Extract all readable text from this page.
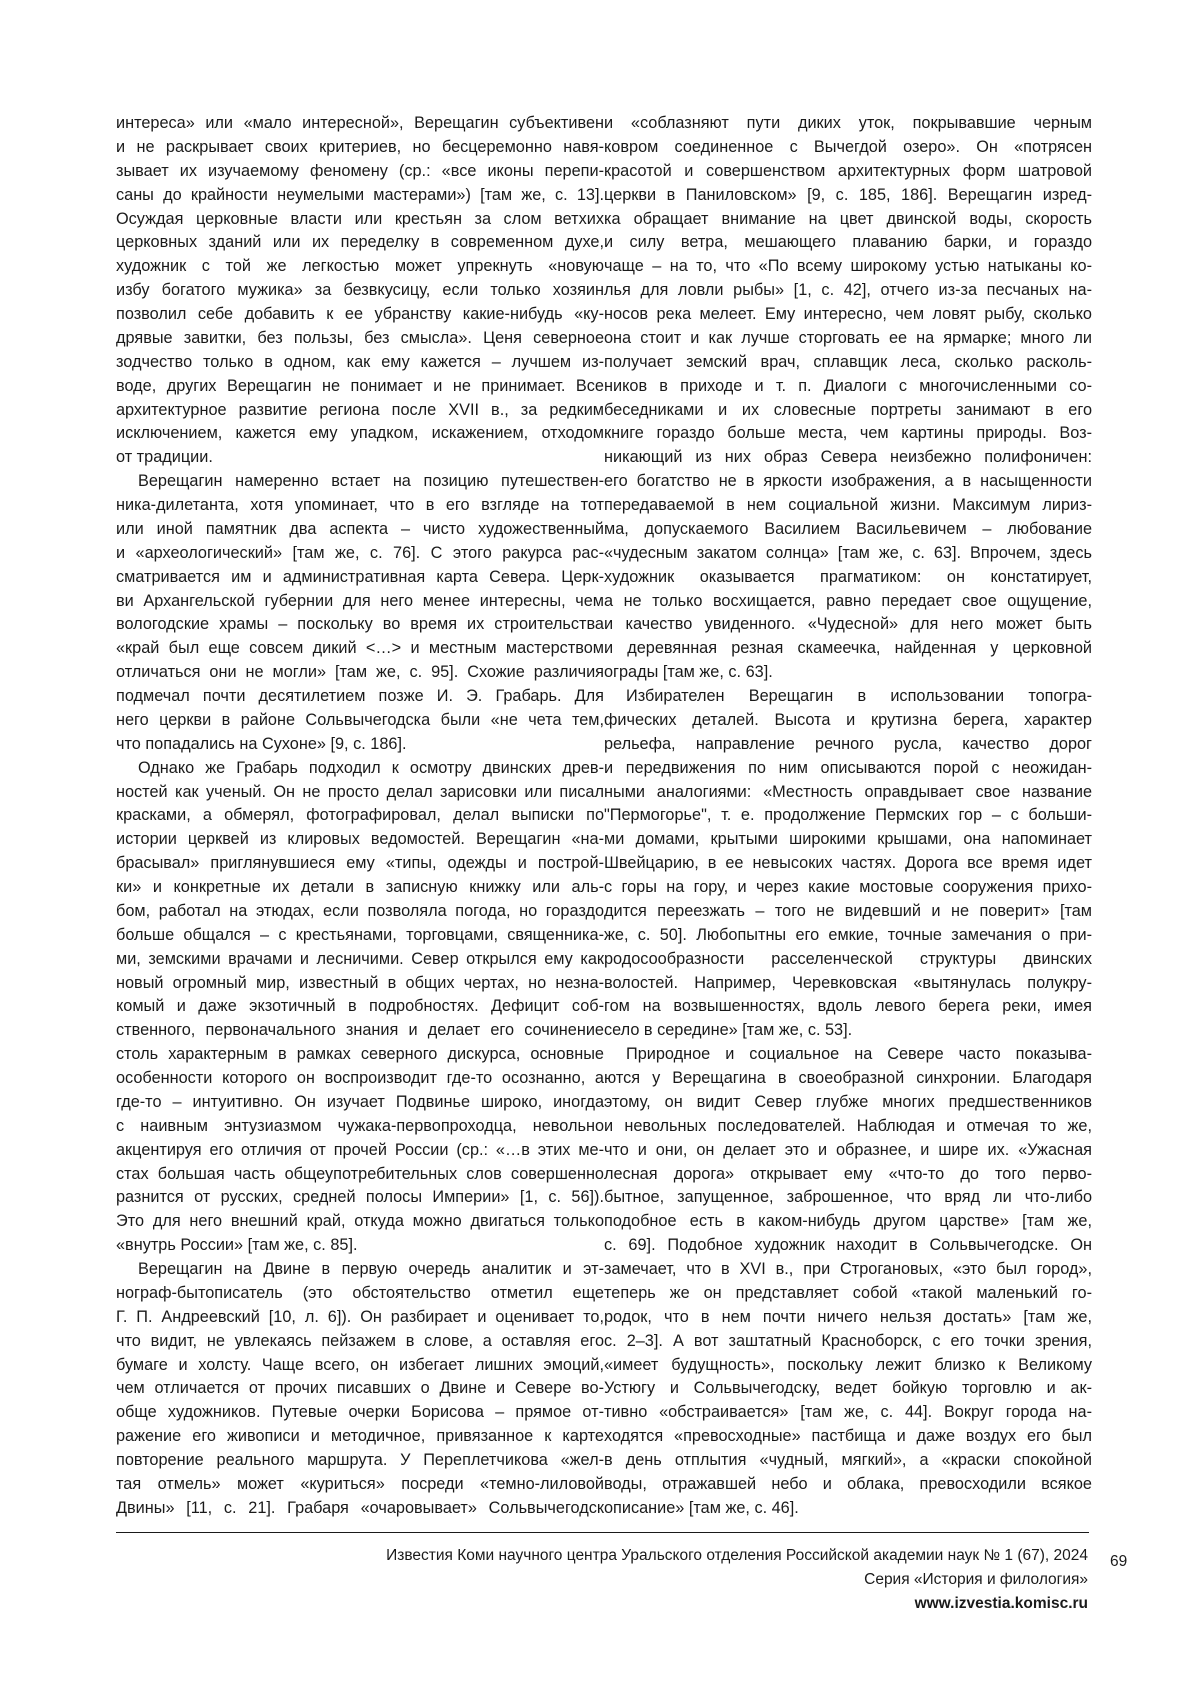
интереса» или «мало интересной», Верещагин субъективен
и не раскрывает своих критериев, но бесцеремонно навя-
зывает их изучаемому феномену (ср.: «все иконы перепи-
саны до крайности неумелыми мастерами») [там же, с. 13].
Осуждая церковные власти или крестьян за слом ветхих
церковных зданий или их переделку в современном духе,
художник с той же легкостью может упрекнуть «новую
избу богатого мужика» за безвкусицу, если только хозяин
позволил себе добавить к ее убранству какие-нибудь «ку-
дрявые завитки, без пользы, без смысла». Ценя северное
зодчество только в одном, как ему кажется – лучшем из-
воде, других Верещагин не понимает и не принимает. Все
архитектурное развитие региона после XVII в., за редким
исключением, кажется ему упадком, искажением, отходом
от традиции.
Верещагин намеренно встает на позицию путешествен-
ника-дилетанта, хотя упоминает, что в его взгляде на тот
или иной памятник два аспекта – чисто художественный
и «археологический» [там же, с. 76]. С этого ракурса рас-
сматривается им и административная карта Севера. Церк-
ви Архангельской губернии для него менее интересны, чем
вологодские храмы – поскольку во время их строительства
«край был еще совсем дикий <…> и местным мастерством
отличаться они не могли» [там же, с. 95]. Схожие различия
подмечал почти десятилетием позже И. Э. Грабарь. Для
него церкви в районе Сольвычегодска были «не чета тем,
что попадались на Сухоне» [9, с. 186].
Однако же Грабарь подходил к осмотру двинских древ-
ностей как ученый. Он не просто делал зарисовки или писал
красками, а обмерял, фотографировал, делал выписки по
истории церквей из клировых ведомостей. Верещагин «на-
брасывал» приглянувшиеся ему «типы, одежды и построй-
ки» и конкретные их детали в записную книжку или аль-
бом, работал на этюдах, если позволяла погода, но гораздо
больше общался – с крестьянами, торговцами, священника-
ми, земскими врачами и лесничими. Север открылся ему как
новый огромный мир, известный в общих чертах, но незна-
комый и даже экзотичный в подробностях. Дефицит соб-
ственного, первоначального знания и делает его сочинение
столь характерным в рамках северного дискурса, основные
особенности которого он воспроизводит где-то осознанно, а
где-то – интуитивно. Он изучает Подвинье широко, иногда
с наивным энтузиазмом чужака-первопроходца, невольно
акцентируя его отличия от прочей России (ср.: «…в этих ме-
стах большая часть общеупотребительных слов совершенно
разнится от русских, средней полосы Империи» [1, с. 56]).
Это для него внешний край, откуда можно двигаться только
«внутрь России» [там же, с. 85].
Верещагин на Двине в первую очередь аналитик и эт-
нограф-бытописатель (это обстоятельство отметил еще
Г. П. Андреевский [10, л. 6]). Он разбирает и оценивает то,
что видит, не увлекаясь пейзажем в слове, а оставляя его
бумаге и холсту. Чаще всего, он избегает лишних эмоций,
чем отличается от прочих писавших о Двине и Севере во-
обще художников. Путевые очерки Борисова – прямое от-
ражение его живописи и методичное, привязанное к карте
повторение реального маршрута. У Переплетчикова «жел-
тая отмель» может «куриться» посреди «темно-лиловой
Двины» [11, с. 21]. Грабаря «очаровывает» Сольвычегодск
и «соблазняют пути диких уток, покрывавшие черным
ковром соединенное с Вычегдой озеро». Он «потрясен
красотой и совершенством архитектурных форм шатровой
церкви в Паниловском» [9, с. 185, 186]. Верещагин изред-
ка обращает внимание на цвет двинской воды, скорость
и силу ветра, мешающего плаванию барки, и гораздо
чаще – на то, что «По всему широкому устью натыканы ко-
лья для ловли рыбы» [1, с. 42], отчего из-за песчаных на-
носов река мелеет. Ему интересно, чем ловят рыбу, сколько
она стоит и как лучше сторговать ее на ярмарке; много ли
получает земский врач, сплавщик леса, сколько расколь-
ников в приходе и т. п. Диалоги с многочисленными со-
беседниками и их словесные портреты занимают в его
книге гораздо больше места, чем картины природы. Воз-
никающий из них образ Севера неизбежно полифоничен:
его богатство не в яркости изображения, а в насыщенности
передаваемой в нем социальной жизни. Максимум лириз-
ма, допускаемого Василием Васильевичем – любование
«чудесным закатом солнца» [там же, с. 63]. Впрочем, здесь
художник оказывается прагматиком: он констатирует,
а не только восхищается, равно передает свое ощущение,
и качество увиденного. «Чудесной» для него может быть
и деревянная резная скамеечка, найденная у церковной
ограды [там же, с. 63].
Избирателен Верещагин в использовании топогра-
фических деталей. Высота и крутизна берега, характер
рельефа, направление речного русла, качество дорог
и передвижения по ним описываются порой с неожидан-
ными аналогиями: «Местность оправдывает свое название
"Пермогорье", т. е. продолжение Пермских гор – с больши-
ми домами, крытыми широкими крышами, она напоминает
Швейцарию, в ее невысоких частях. Дорога все время идет
с горы на гору, и через какие мостовые сооружения прихо-
дится переезжать – того не видевший и не поверит» [там
же, с. 50]. Любопытны его емкие, точные замечания о при-
родосообразности расселенческой структуры двинских
волостей. Например, Черевковская «вытянулась полукру-
гом на возвышенностях, вдоль левого берега реки, имея
село в середине» [там же, с. 53].
Природное и социальное на Севере часто показыва-
ются у Верещагина в своеобразной синхронии. Благодаря
этому, он видит Север глубже многих предшественников
и невольных последователей. Наблюдая и отмечая то же,
что и они, он делает это и образнее, и шире их. «Ужасная
лесная дорога» открывает ему «что-то до того перво-
бытное, запущенное, заброшенное, что вряд ли что-либо
подобное есть в каком-нибудь другом царстве» [там же,
с. 69]. Подобное художник находит в Сольвычегодске. Он
замечает, что в XVI в., при Строгановых, «это был город»,
теперь же он представляет собой «такой маленький го-
родок, что в нем почти ничего нельзя достать» [там же,
с. 2–3]. А вот заштатный Красноборск, с его точки зрения,
«имеет будущность», поскольку лежит близко к Великому
Устюгу и Сольвычегодску, ведет бойкую торговлю и ак-
тивно «обстраивается» [там же, с. 44]. Вокруг города на-
ходятся «превосходные» пастбища и даже воздух его был
в день отплытия «чудный, мягкий», а «краски спокойной
воды, отражавшей небо и облака, превосходили всякое
описание» [там же, с. 46].
Известия Коми научного центра Уральского отделения Российской академии наук № 1 (67), 2024
Серия «История и филология»
www.izvestia.komisc.ru
69
